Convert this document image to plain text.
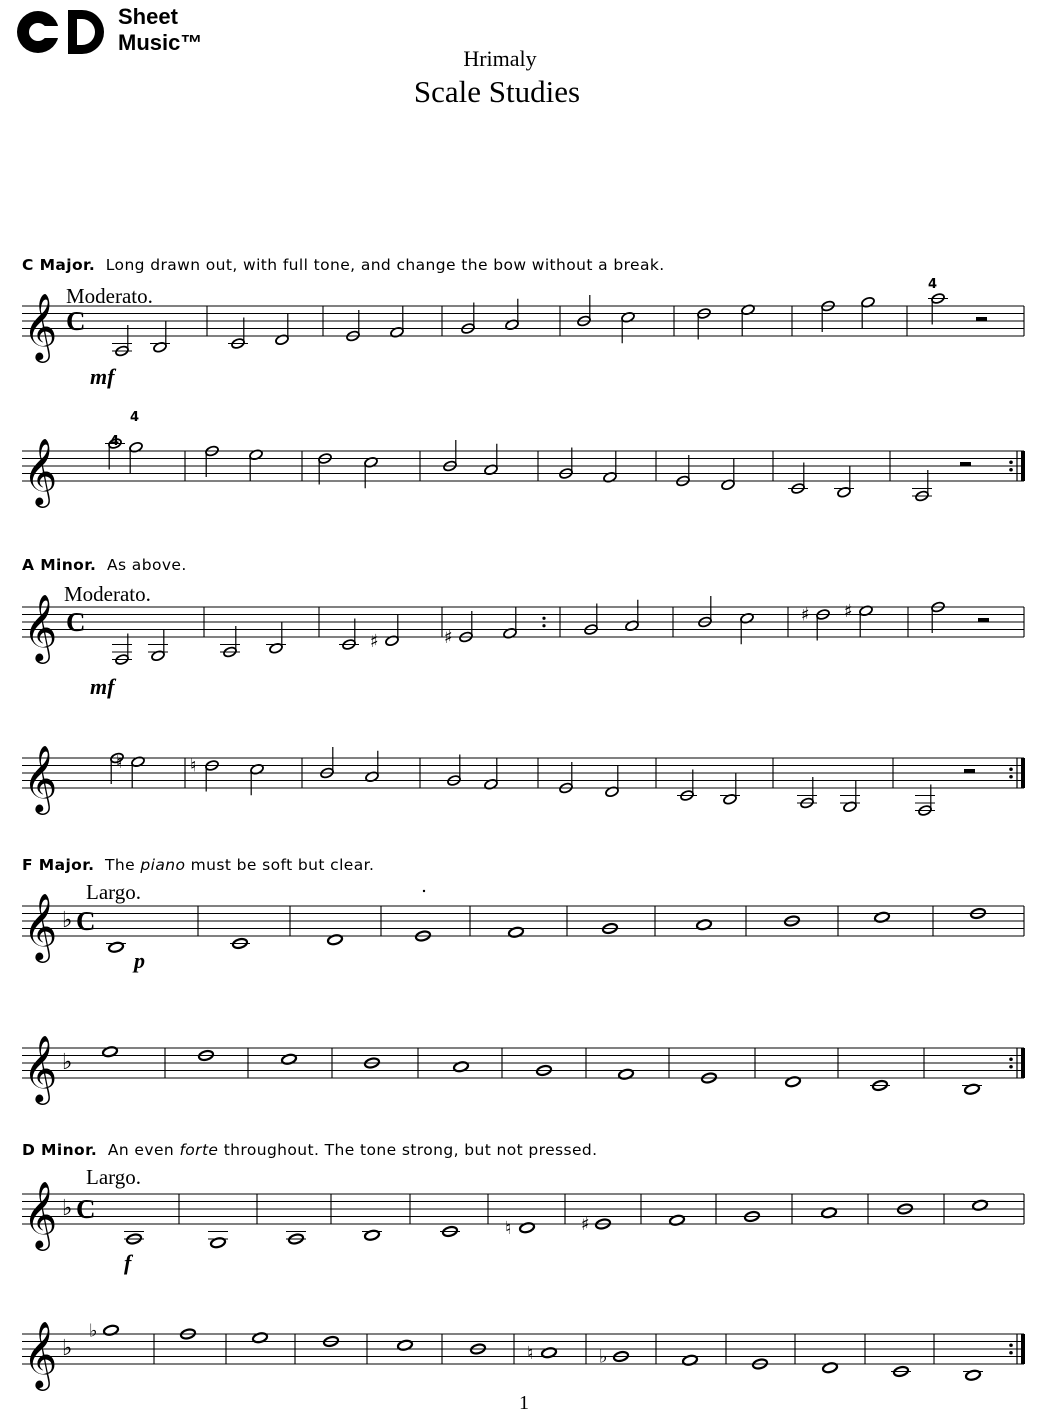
Sheet
Music™
Hrimaly
Scale Studies
C Major. Long drawn out, with full tone, and change the bow without a break.
A Minor. As above.
F Major. The piano must be soft but clear.
D Minor. An even forte throughout. The tone strong, but not pressed.
Moderato.
Moderato.
Largo.
Largo.
𝄞 C
mf
4
𝄞	4
4
𝄞 C
♯	♯
♯ ♯
mf
𝄞	♮	♮
𝄞 ♭ C
p
𝄞 ♭
𝄞 ♭ C
♮	♯
f
𝄞 ♭
♭
♮	♭
1
